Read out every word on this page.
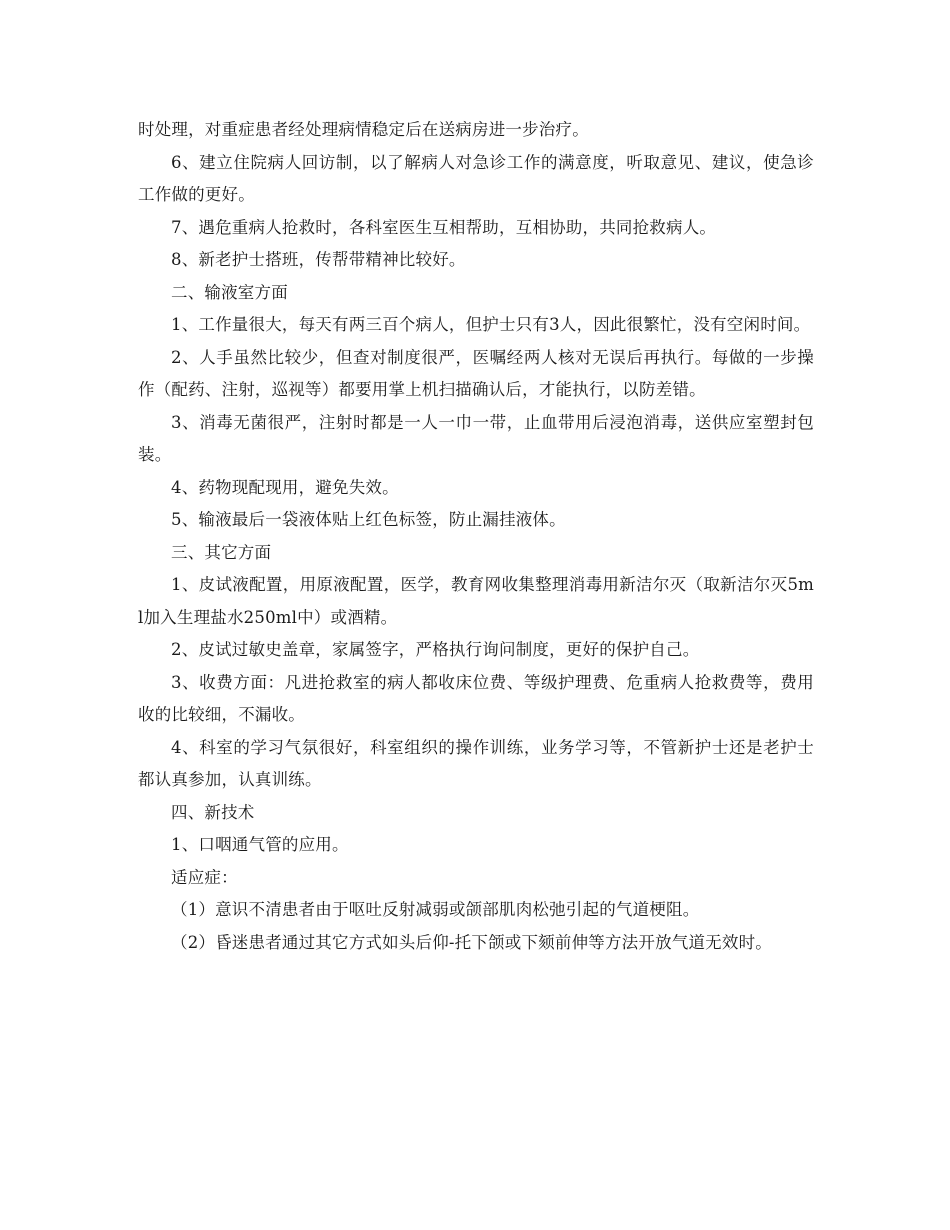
时处理，对重症患者经处理病情稳定后在送病房进一步治疗。

6、建立住院病人回访制，以了解病人对急诊工作的满意度，听取意见、建议，使急诊工作做的更好。

7、遇危重病人抢救时，各科室医生互相帮助，互相协助，共同抢救病人。

8、新老护士搭班，传帮带精神比较好。

二、输液室方面

1、工作量很大，每天有两三百个病人，但护士只有3人，因此很繁忙，没有空闲时间。

2、人手虽然比较少，但查对制度很严，医嘱经两人核对无误后再执行。每做的一步操作（配药、注射，巡视等）都要用掌上机扫描确认后，才能执行，以防差错。

3、消毒无菌很严，注射时都是一人一巾一带，止血带用后浸泡消毒，送供应室塑封包装。

4、药物现配现用，避免失效。

5、输液最后一袋液体贴上红色标签，防止漏挂液体。

三、其它方面

1、皮试液配置，用原液配置，医学，教育网收集整理消毒用新洁尔灭（取新洁尔灭5ml加入生理盐水250ml中）或酒精。

2、皮试过敏史盖章，家属签字，严格执行询问制度，更好的保护自己。

3、收费方面：凡进抢救室的病人都收床位费、等级护理费、危重病人抢救费等，费用收的比较细，不漏收。

4、科室的学习气氛很好，科室组织的操作训练，业务学习等，不管新护士还是老护士都认真参加，认真训练。

四、新技术

1、口咽通气管的应用。

适应症：

（1）意识不清患者由于呕吐反射减弱或颌部肌肉松弛引起的气道梗阻。

（2）昏迷患者通过其它方式如头后仰-托下颌或下颏前伸等方法开放气道无效时。
